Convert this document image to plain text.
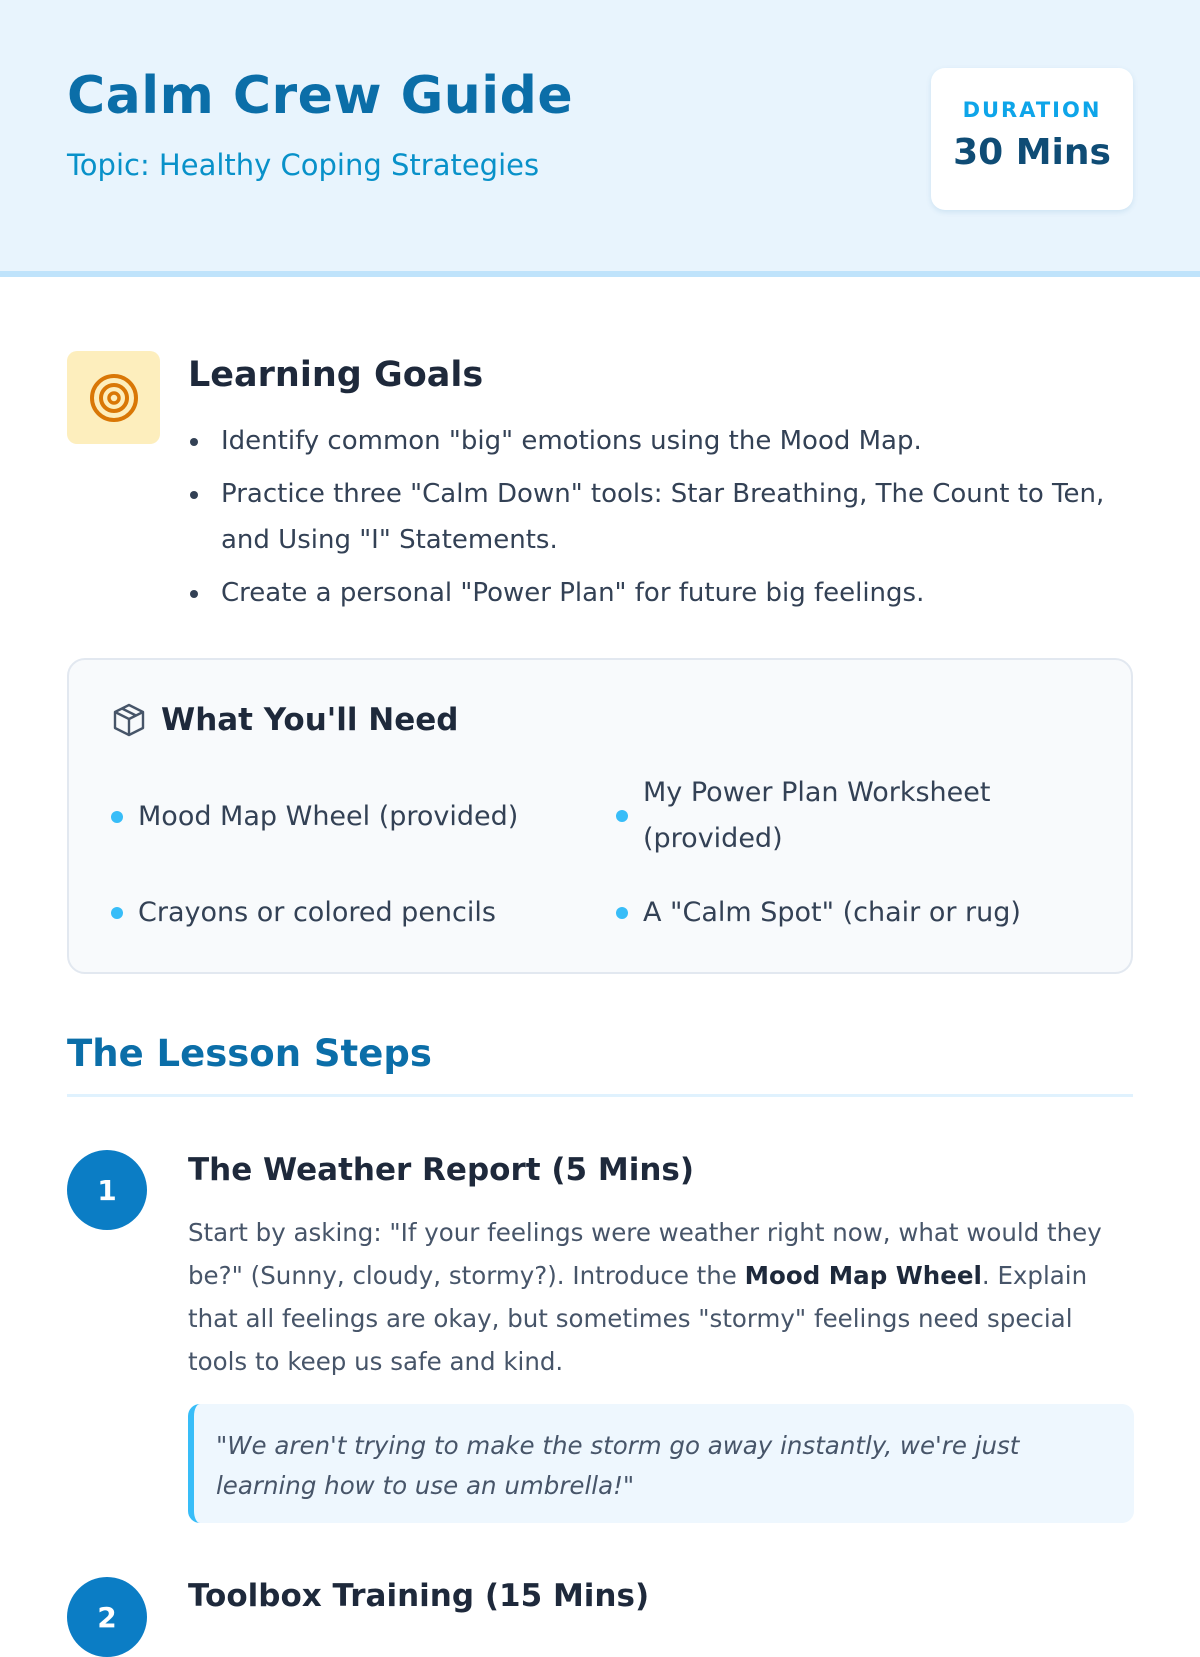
Calm Crew Guide
Topic: Healthy Coping Strategies
DURATION
30 Mins
Learning Goals
Identify common "big" emotions using the Mood Map.
Practice three "Calm Down" tools: Star Breathing, The Count to Ten, and Using "I" Statements.
Create a personal "Power Plan" for future big feelings.
What You'll Need
Mood Map Wheel (provided)
My Power Plan Worksheet (provided)
Crayons or colored pencils	A "Calm Spot" (chair or rug)
The Lesson Steps
1
The Weather Report (5 Mins)

Start by asking: "If your feelings were weather right now, what would they be?" (Sunny, cloudy, stormy?). Introduce the Mood Map Wheel. Explain that all feelings are okay, but sometimes "stormy" feelings need special tools to keep us safe and kind.

"We aren't trying to make the storm go away instantly, we're just learning how to use an umbrella!"
2
Toolbox Training (15 Mins)
